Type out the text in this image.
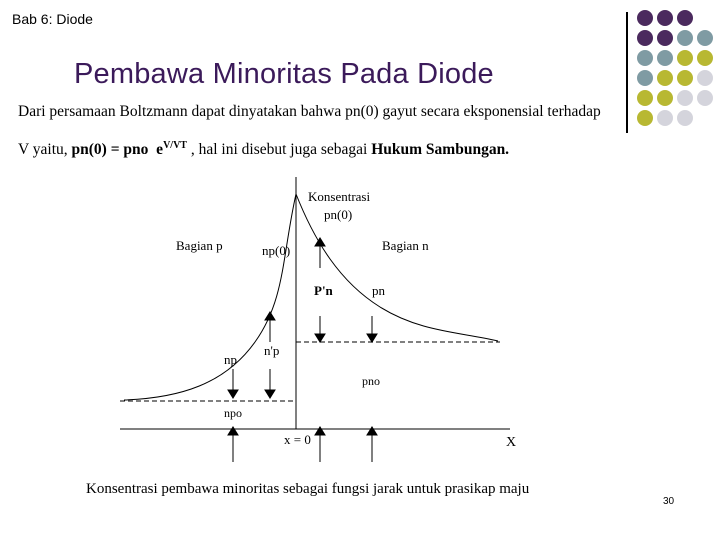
Bab 6: Diode
Pembawa Minoritas Pada Diode
Dari persamaan Boltzmann dapat dinyatakan bahwa pn(0) gayut secara eksponensial terhadap
V yaitu, pn(0) = pno $e^{V/VT}$ , hal ini disebut juga sebagai Hukum Sambungan.
Konsentrasi
pn(0)
np(0)
Bagian p	Bagian n
P'n	pn
n'p
np
pno
npo
x = 0	X
Konsentrasi pembawa minoritas sebagai fungsi jarak untuk prasikap maju
30
